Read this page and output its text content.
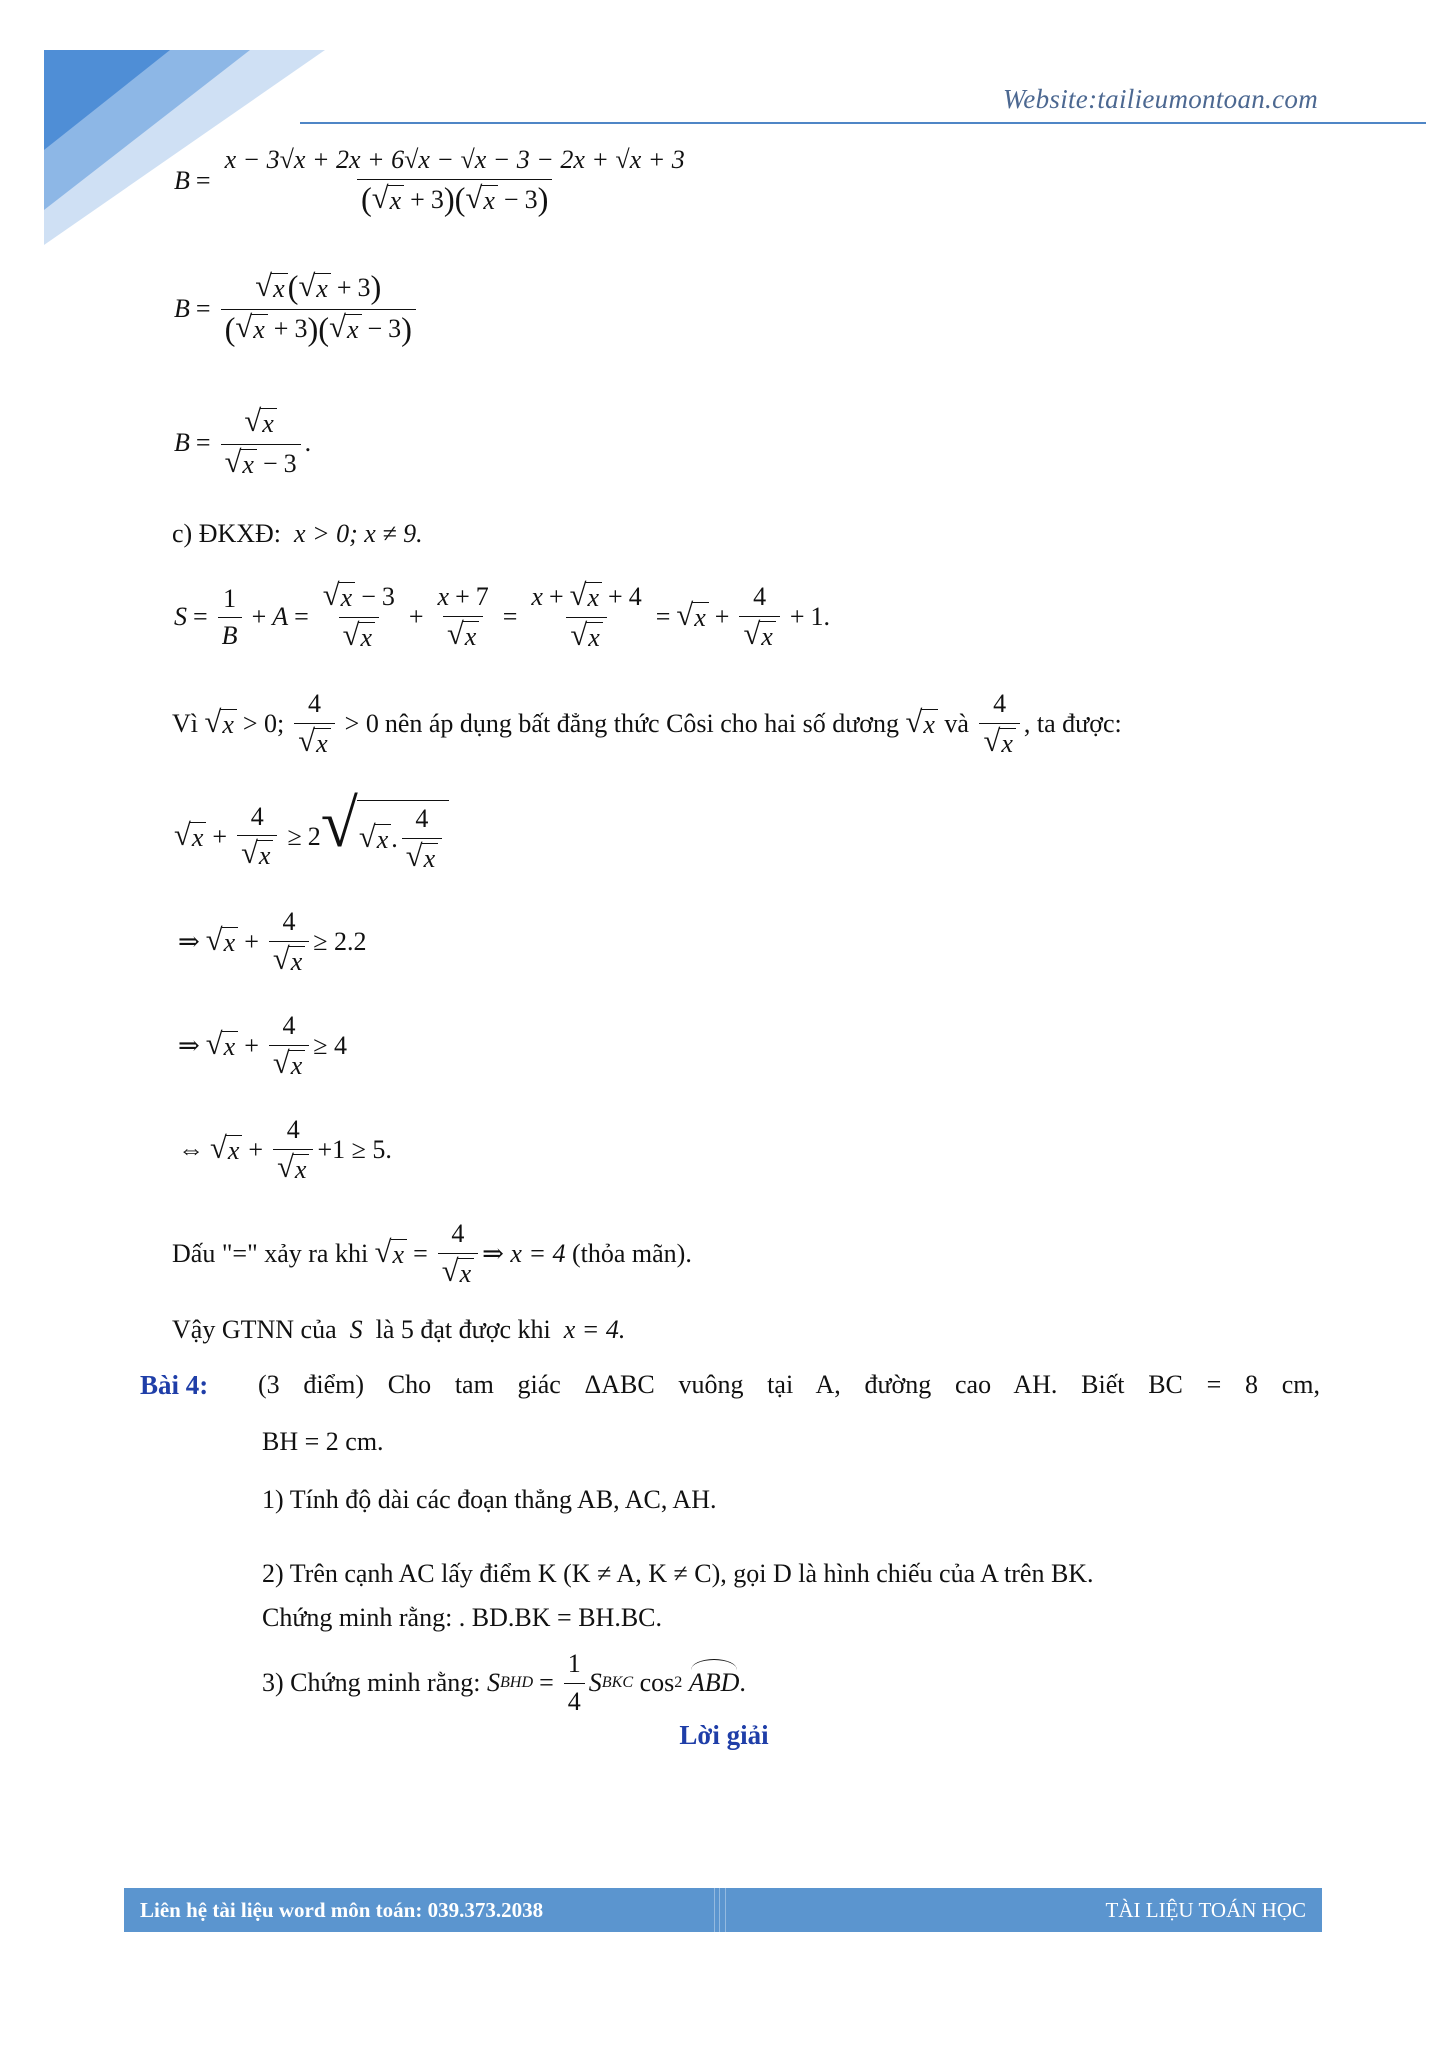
Website:tailieumontoan.com
$B = \frac{x - 3√x + 2x + 6√x - √x - 3 - 2x + √x + 3}{( √ x + 3 ) ( √ x - 3 )}$
$B = \frac{√ x ( √ x + 3 )}{( √ x + 3 ) ( √ x - 3 )}$
$B = \frac{√ x}{√ x - 3}$ .
c) ĐKXĐ: x > 0; x ≠ 9.
$S = \frac{1}{B} + A = \frac{√ x - 3}{√ x} + \frac{x + 7}{√ x} = \frac{x + √ x + 4}{√ x}$ = √ $x + \frac{4}{√ x} + 1$ .
Vì
√ x > 0; $\frac{4}{√ x} > 0$ nên áp dụng bất đẳng thức Côsi cho hai số dương
√ x
và
$\frac{4}{√ x}$ , ta được:
√ $x + \frac{4}{√ x} \ge 2$ √ √ x . $\frac{4}{√ x}$
⇒ √ $x + \frac{4}{√ x} \ge 2.2$
⇒ √ $x + \frac{4}{√ x} \ge 4$
⇔ √ $x + \frac{4}{√ x} +1 \ge 5$.
Dấu "=" xảy ra khi
√ $x = \frac{4}{√ x}$ ⇒ x = 4
(thỏa mãn).
Vậy GTNN của S là 5 đạt được khi x = 4.
Bài 4: (3 điểm) Cho tam giác ΔABC vuông tại A, đường cao AH. Biết BC = 8 cm,
BH = 2 cm.
1) Tính độ dài các đoạn thẳng AB, AC, AH.
2) Trên cạnh AC lấy điểm K (K ≠ A, K ≠ C), gọi D là hình chiếu của A trên BK.
Chứng minh rằng: . BD.BK = BH.BC.
3) Chứng minh rằng:
S BHD = $\frac{1}{4}$ S BKC
cos 2
ABD .
Lời giải
Liên hệ tài liệu word môn toán: 039.373.2038	TÀI LIỆU TOÁN HỌC
